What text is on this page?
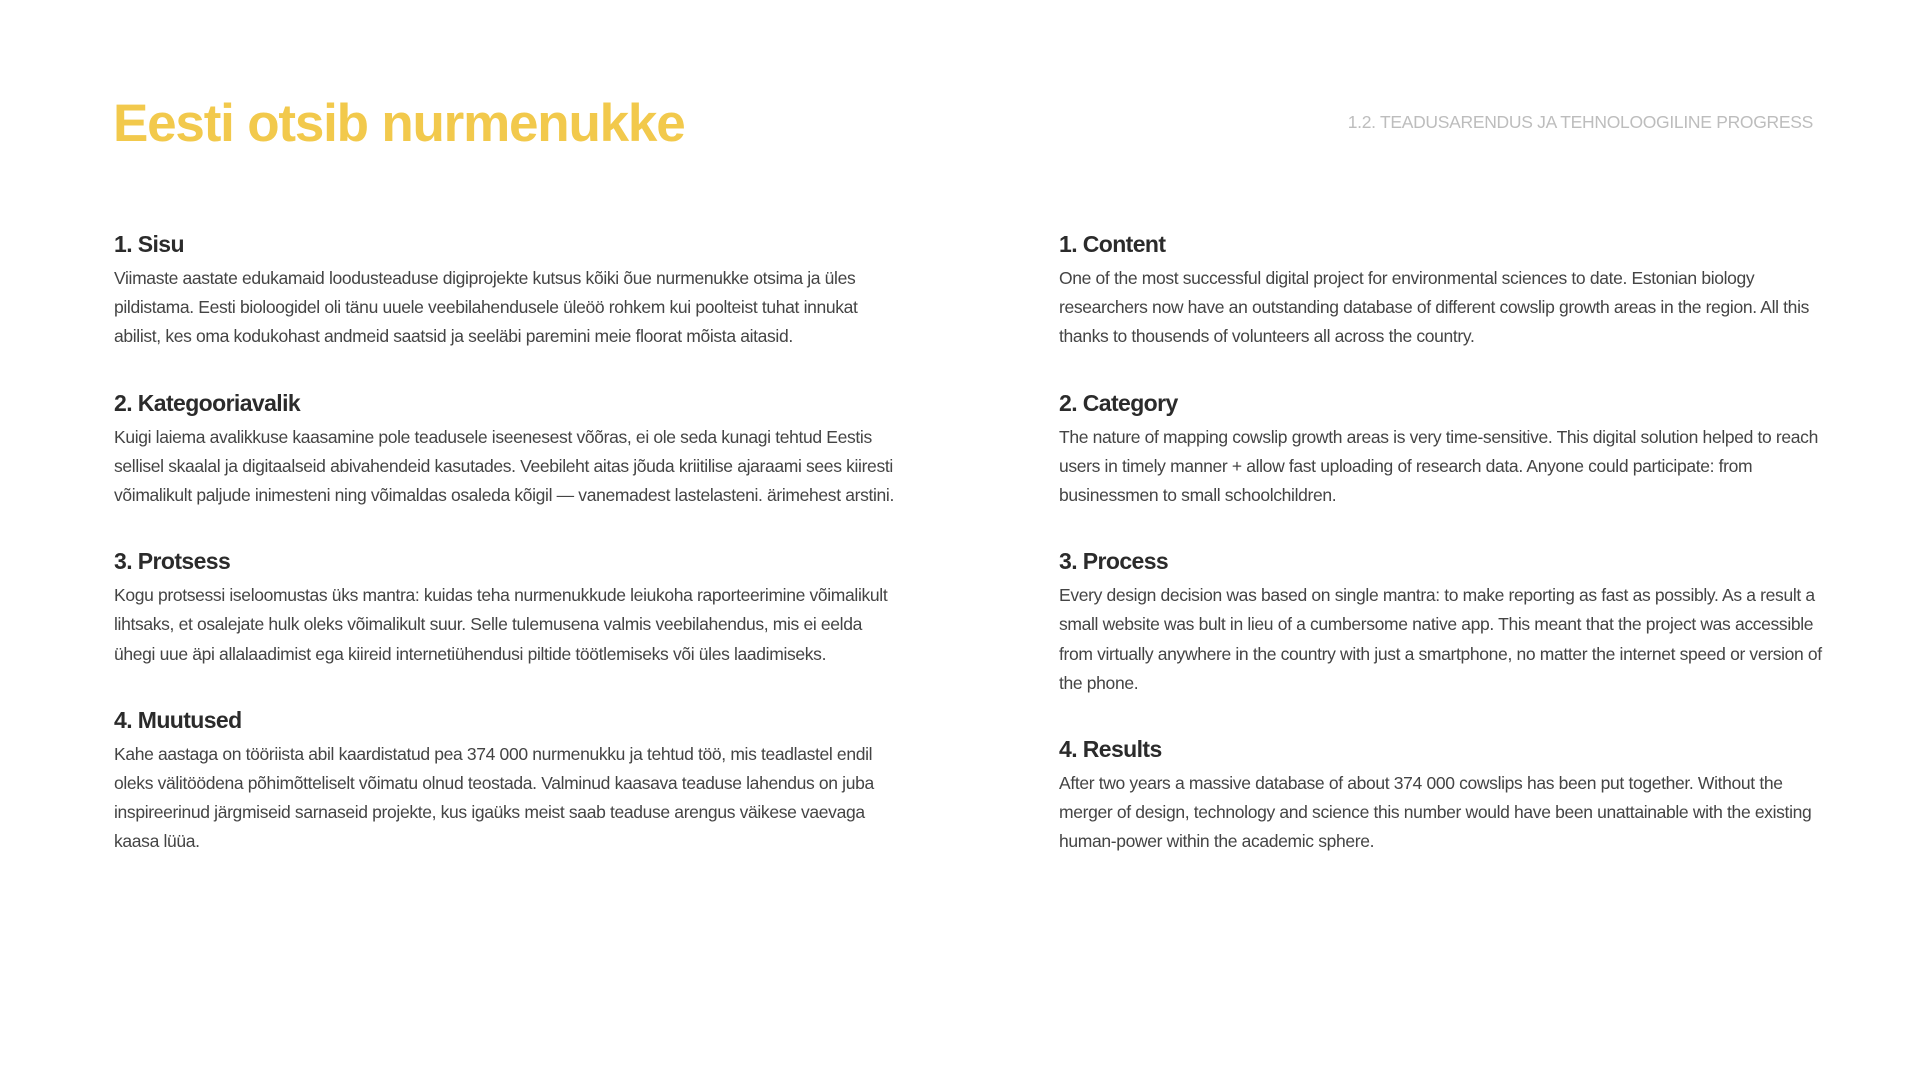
Eesti otsib nurmenukke	1.2. TEADUSARENDUS JA TEHNOLOOGILINE PROGRESS
1. Sisu

Viimaste aastate edukamaid loodusteaduse digiprojekte kutsus kõiki õue nurmenukke otsima ja üles pildistama. Eesti bioloogidel oli tänu uuele veebilahendusele üleöö rohkem kui poolteist tuhat innukat abilist, kes oma kodukohast andmeid saatsid ja seeläbi paremini meie floorat mõista aitasid.

2. Kategooriavalik

Kuigi laiema avalikkuse kaasamine pole teadusele iseenesest võõras, ei ole seda kunagi tehtud Eestis sellisel skaalal ja digitaalseid abivahendeid kasutades. Veebileht aitas jõuda kriitilise ajaraami sees kiiresti võimalikult paljude inimesteni ning võimaldas osaleda kõigil — vanemadest lastelasteni. ärimehest arstini.

3. Protsess

Kogu protsessi iseloomustas üks mantra: kuidas teha nurmenukkude leiukoha raporteerimine võimalikult lihtsaks, et osalejate hulk oleks võimalikult suur. Selle tulemusena valmis veebilahendus, mis ei eelda ühegi uue äpi allalaadimist ega kiireid internetiühendusi piltide töötlemiseks või üles laadimiseks.

4. Muutused

Kahe aastaga on tööriista abil kaardistatud pea 374 000 nurmenukku ja tehtud töö, mis teadlastel endil oleks välitöödena põhimõtteliselt võimatu olnud teostada. Valminud kaasava teaduse lahendus on juba inspireerinud järgmiseid sarnaseid projekte, kus igaüks meist saab teaduse arengus väikese vaevaga kaasa lüüa.

1. Content

One of the most successful digital project for environmental sciences to date. Estonian biology researchers now have an outstanding database of different cowslip growth areas in the region. All this thanks to thousends of volunteers all across the country.

2. Category

The nature of mapping cowslip growth areas is very time-sensitive. This digital solution helped to reach users in timely manner + allow fast uploading of research data. Anyone could participate: from businessmen to small schoolchildren.

3. Process

Every design decision was based on single mantra: to make reporting as fast as possibly. As a result a small website was bult in lieu of a cumbersome native app. This meant that the project was accessible from virtually anywhere in the country with just a smartphone, no matter the internet speed or version of the phone.

4. Results

After two years a massive database of about 374 000 cowslips has been put together. Without the merger of design, technology and science this number would have been unattainable with the existing human-power within the academic sphere.
